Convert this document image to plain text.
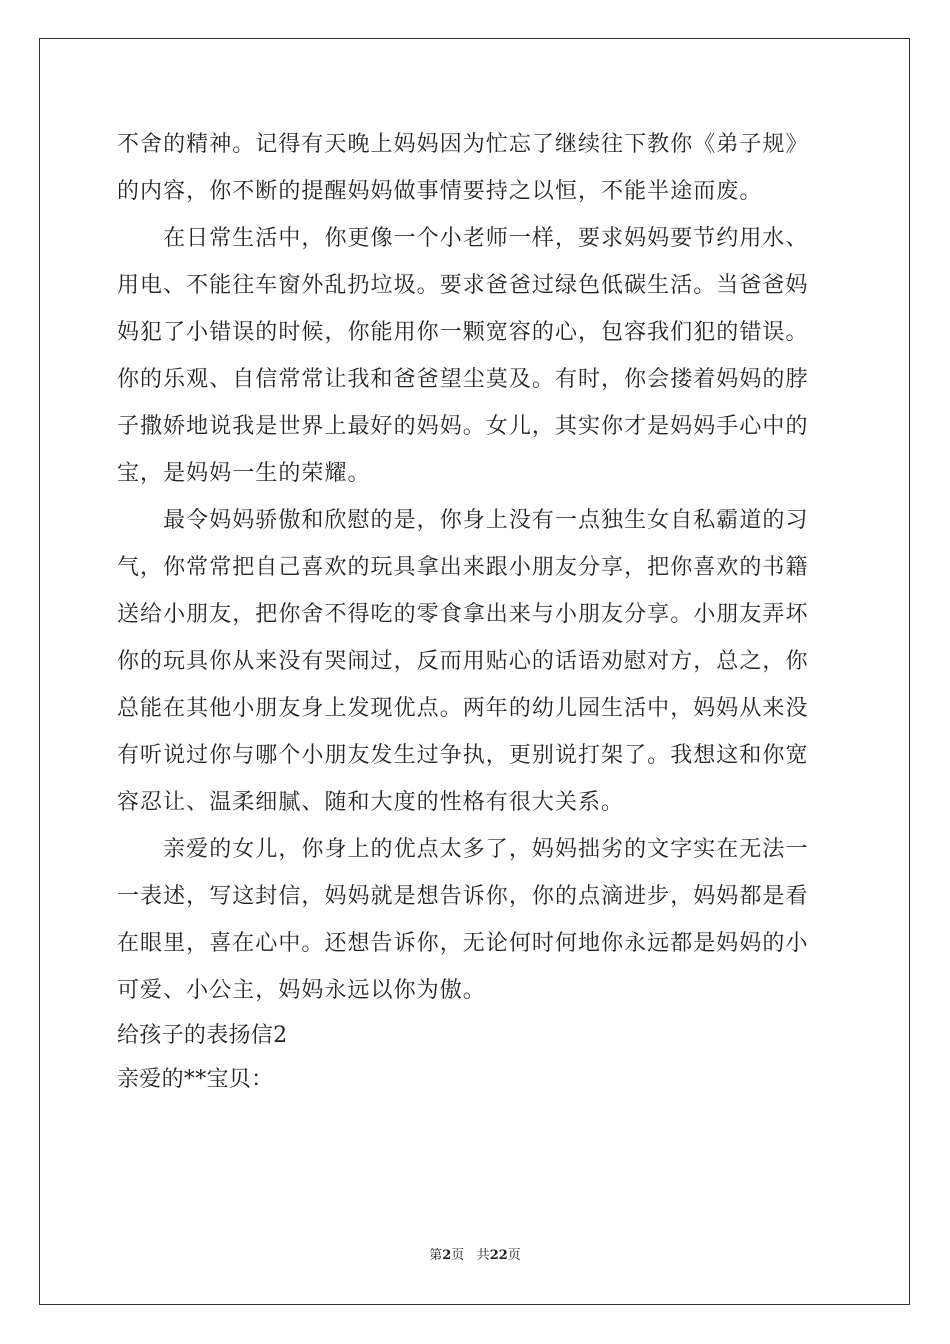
不舍的精神。记得有天晚上妈妈因为忙忘了继续往下教你《弟子规》
的内容，你不断的提醒妈妈做事情要持之以恒，不能半途而废。
　　在日常生活中，你更像一个小老师一样，要求妈妈要节约用水、
用电、不能往车窗外乱扔垃圾。要求爸爸过绿色低碳生活。当爸爸妈
妈犯了小错误的时候，你能用你一颗宽容的心，包容我们犯的错误。
你的乐观、自信常常让我和爸爸望尘莫及。有时，你会搂着妈妈的脖
子撒娇地说我是世界上最好的妈妈。女儿，其实你才是妈妈手心中的
宝，是妈妈一生的荣耀。
　　最令妈妈骄傲和欣慰的是，你身上没有一点独生女自私霸道的习
气，你常常把自己喜欢的玩具拿出来跟小朋友分享，把你喜欢的书籍
送给小朋友，把你舍不得吃的零食拿出来与小朋友分享。小朋友弄坏
你的玩具你从来没有哭闹过，反而用贴心的话语劝慰对方，总之，你
总能在其他小朋友身上发现优点。两年的幼儿园生活中，妈妈从来没
有听说过你与哪个小朋友发生过争执，更别说打架了。我想这和你宽
容忍让、温柔细腻、随和大度的性格有很大关系。
　　亲爱的女儿，你身上的优点太多了，妈妈拙劣的文字实在无法一
一表述，写这封信，妈妈就是想告诉你，你的点滴进步，妈妈都是看
在眼里，喜在心中。还想告诉你，无论何时何地你永远都是妈妈的小
可爱、小公主，妈妈永远以你为傲。
给孩子的表扬信2
亲爱的**宝贝：
第2页 共22页
